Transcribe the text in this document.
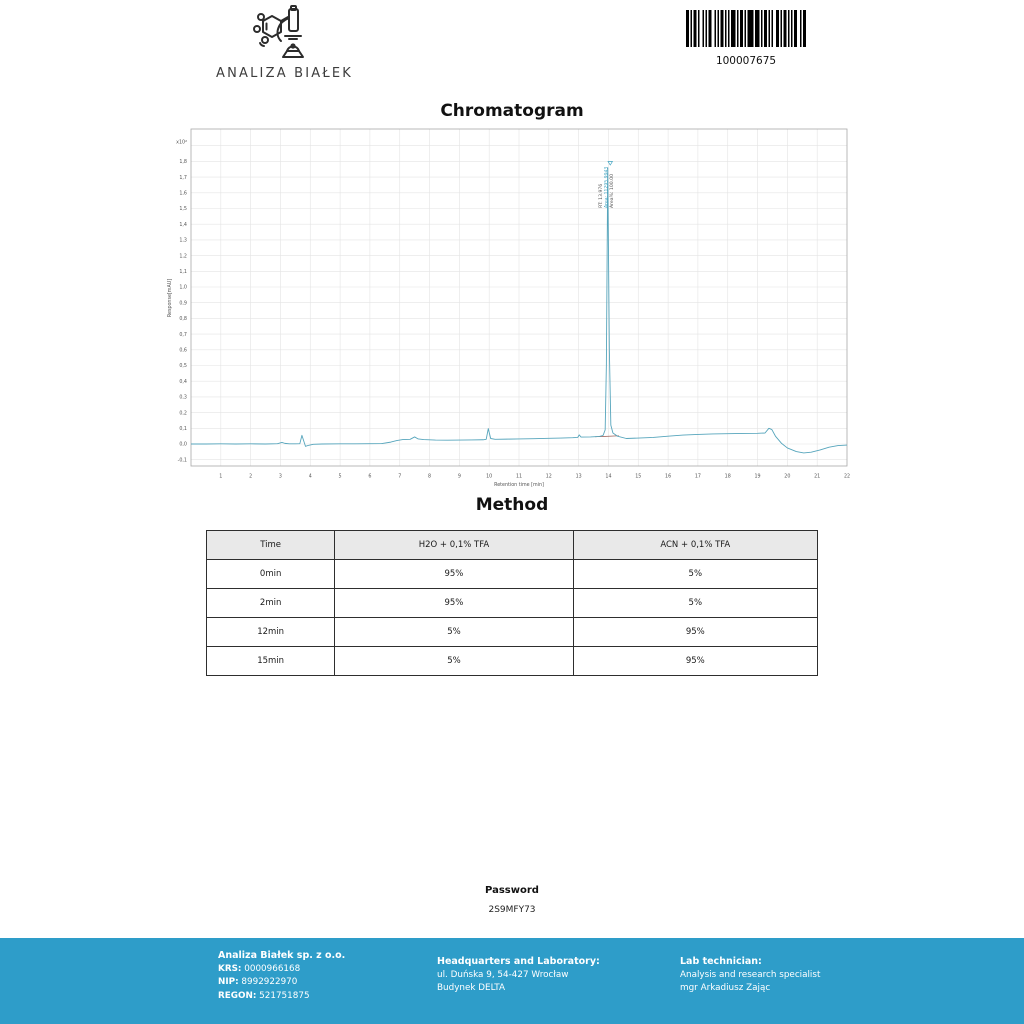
ANALIZA BIAŁEK
100007675
Chromatogram
1	2	3	4	5	6	7	8	9	10	11	12	13	14	15	16	17	18	19	20	21	22
-0,1
0,0
0,1
0,2
0,3
0,4
0,5
0,6
0,7
0,8
0,9
1,0
1,1
1,2
1,3
1,4
1,5
1,6
1,7
1,8
x10²
Retention time [min]
Response[mAU]
RT: 13.976 Area: 11295.9943 Area%: 100.00
Method
Time	H2O + 0,1% TFA	ACN + 0,1% TFA
0min	95%	5%
2min	95%	5%
12min	5%	95%
15min	5%	95%
Password
2S9MFY73
Analiza Białek sp. z o.o.
KRS: 0000966168
NIP: 8992922970
REGON: 521751875
Headquarters and Laboratory:
ul. Duńska 9, 54-427 Wrocław
Budynek DELTA
Lab technician:
Analysis and research specialist
mgr Arkadiusz Zając
